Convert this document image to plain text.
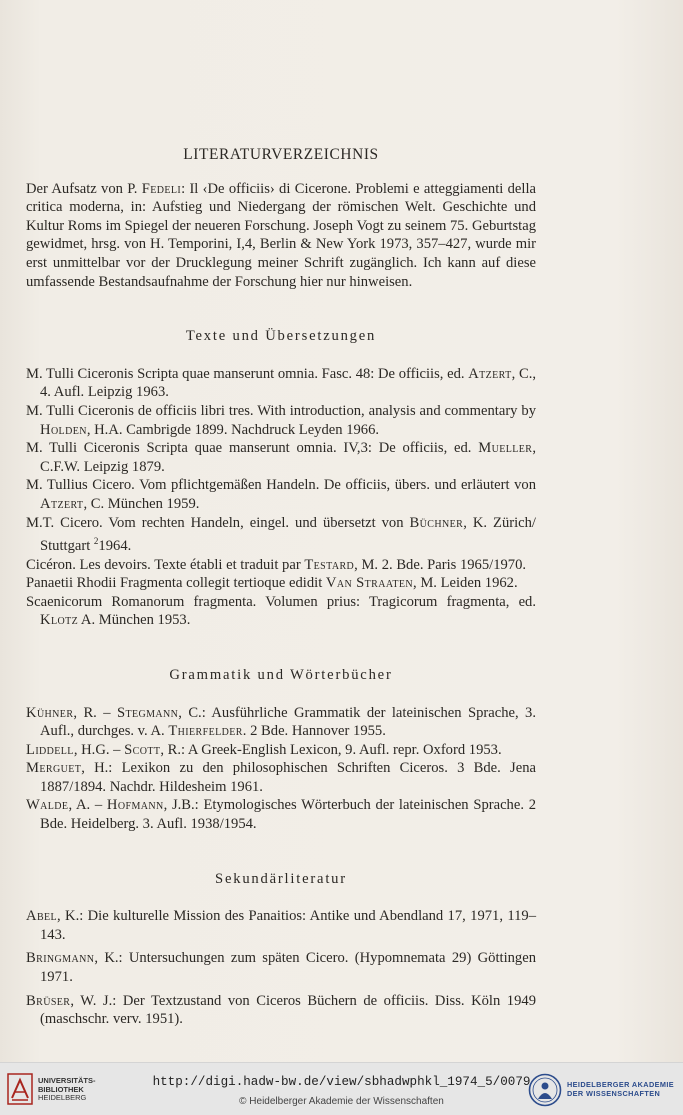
LITERATURVERZEICHNIS

Der Aufsatz von P. Fedeli: Il ‹De officiis› di Cicerone. Problemi e atteggiamenti della critica moderna, in: Aufstieg und Niedergang der römischen Welt. Geschichte und Kultur Roms im Spiegel der neueren Forschung. Joseph Vogt zu seinem 75. Geburtstag gewidmet, hrsg. von H. Temporini, I,4, Berlin & New York 1973, 357–427, wurde mir erst unmittelbar vor der Drucklegung meiner Schrift zugänglich. Ich kann auf diese umfassende Bestandsaufnahme der Forschung hier nur hinweisen.

Texte und Übersetzungen

M. Tulli Ciceronis Scripta quae manserunt omnia. Fasc. 48: De officiis, ed. Atzert, C., 4. Aufl. Leipzig 1963.

M. Tulli Ciceronis de officiis libri tres. With introduction, analysis and commentary by Holden, H.A. Cambrigde 1899. Nachdruck Leyden 1966.

M. Tulli Ciceronis Scripta quae manserunt omnia. IV,3: De officiis, ed. Mueller, C.F.W. Leipzig 1879.

M. Tullius Cicero. Vom pflichtgemäßen Handeln. De officiis, übers. und erläutert von Atzert, C. München 1959.

M.T. Cicero. Vom rechten Handeln, eingel. und übersetzt von Büchner, K. Zürich/ Stuttgart $^2$1964.

Cicéron. Les devoirs. Texte établi et traduit par Testard, M. 2. Bde. Paris 1965/1970.

Panaetii Rhodii Fragmenta collegit tertioque edidit Van Straaten, M. Leiden 1962.

Scaenicorum Romanorum fragmenta. Volumen prius: Tragicorum fragmenta, ed. Klotz A. München 1953.

Grammatik und Wörterbücher

Kühner, R. – Stegmann, C.: Ausführliche Grammatik der lateinischen Sprache, 3. Aufl., durchges. v. A. Thierfelder. 2 Bde. Hannover 1955.

Liddell, H.G. – Scott, R.: A Greek-English Lexicon, 9. Aufl. repr. Oxford 1953.

Merguet, H.: Lexikon zu den philosophischen Schriften Ciceros. 3 Bde. Jena 1887/1894. Nachdr. Hildesheim 1961.

Walde, A. – Hofmann, J.B.: Etymologisches Wörterbuch der lateinischen Sprache. 2 Bde. Heidelberg. 3. Aufl. 1938/1954.

Sekundärliteratur

Abel, K.: Die kulturelle Mission des Panaitios: Antike und Abendland 17, 1971, 119–143.

Bringmann, K.: Untersuchungen zum späten Cicero. (Hypomnemata 29) Göttingen 1971.

Brüser, W. J.: Der Textzustand von Ciceros Büchern de officiis. Diss. Köln 1949 (maschschr. verv. 1951).

UNIVERSITÄTS-
BIBLIOTHEK
HEIDELBERG
http://digi.hadw-bw.de/view/sbhadwphkl_1974_5/0079
© Heidelberger Akademie der Wissenschaften
HEIDELBERGER AKADEMIE
DER WISSENSCHAFTEN
